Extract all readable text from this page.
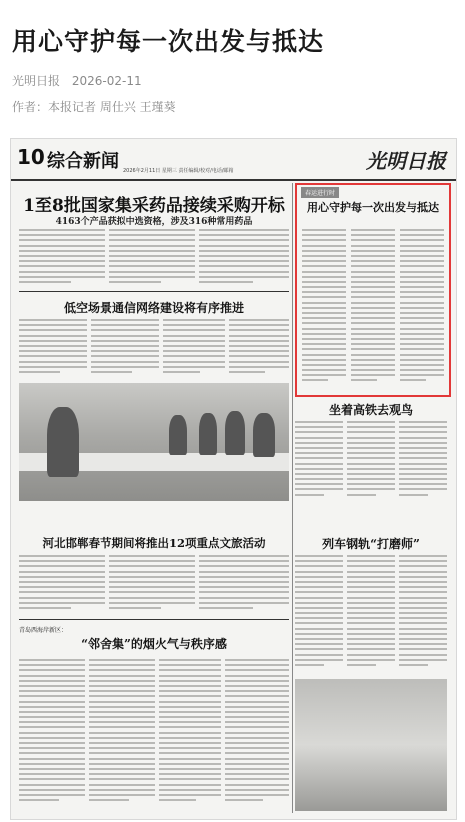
用心守护每一次出发与抵达
光明日报 2026-02-11
作者：本报记者 周仕兴 王瑾葵
10 综合新闻 2026年2月11日 星期三 责任编辑/校对/电话/邮箱	光明日报
1至8批国家集采药品接续采购开标
4163个产品获拟中选资格，涉及316种常用药品
低空场景通信网络建设将有序推进
春运进行时
用心守护每一次出发与抵达
坐着高铁去观鸟
河北邯郸春节期间将推出12项重点文旅活动
青岛西海岸新区：
“邻舍集”的烟火气与秩序感
列车钢轨“打磨师”
